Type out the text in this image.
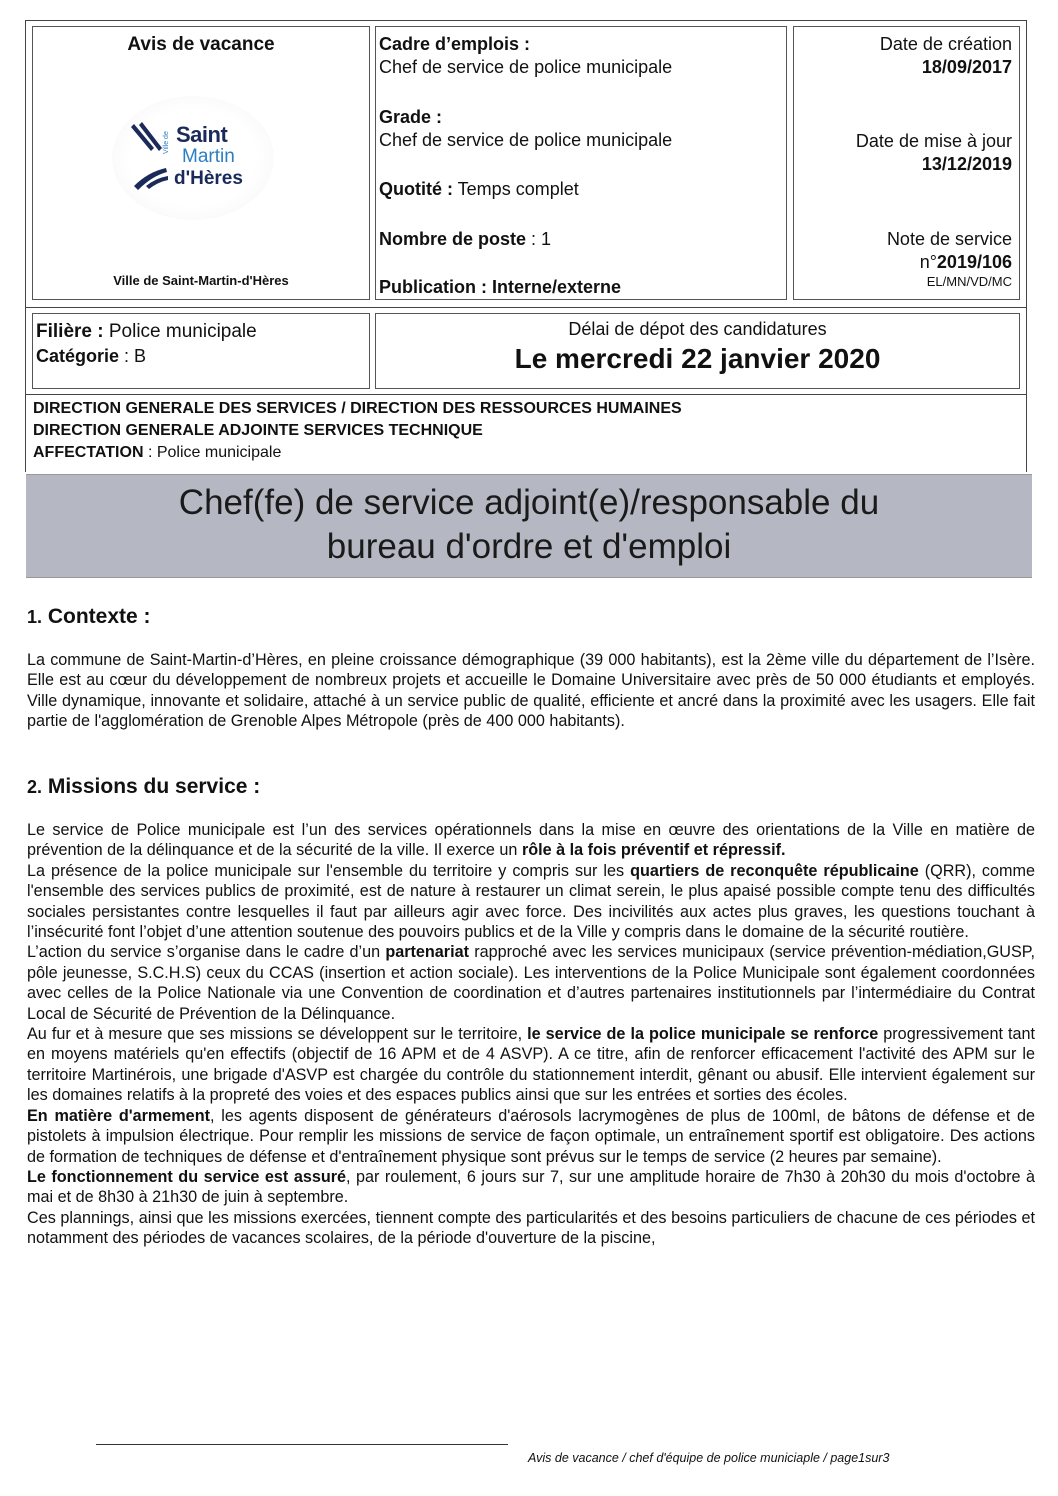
Avis de vacance
Ville de Saint
Martin
d'Hères
Ville de Saint-Martin-d'Hères
Cadre d’emplois :
Chef de service de police municipale
Grade :
Chef de service de police municipale
Quotité : Temps complet
Nombre de poste : 1
Publication : Interne/externe
Date de création
18/09/2017
Date de mise à jour
13/12/2019
Note de service
n°2019/106
EL/MN/VD/MC
Filière : Police municipale
Catégorie : B
Délai de dépot des candidatures
Le mercredi 22 janvier 2020
DIRECTION GENERALE DES SERVICES / DIRECTION DES RESSOURCES HUMAINES
DIRECTION GENERALE ADJOINTE SERVICES TECHNIQUE
AFFECTATION : Police municipale
Chef(fe) de service adjoint(e)/responsable du
bureau d'ordre et d'emploi
1. Contexte :

La commune de Saint-Martin-d’Hères, en pleine croissance démographique (39 000 habitants), est la 2ème ville du département de l’Isère. Elle est au cœur du développement de nombreux projets et accueille le Domaine Universitaire avec près de 50 000 étudiants et employés. Ville dynamique, innovante et solidaire, attaché à un service public de qualité, efficiente et ancré dans la proximité avec les usagers. Elle fait partie de l'agglomération de Grenoble Alpes Métropole (près de 400 000 habitants).

2. Missions du service :

Le service de Police municipale est l’un des services opérationnels dans la mise en œuvre des orientations de la Ville en matière de prévention de la délinquance et de la sécurité de la ville. Il exerce un rôle à la fois préventif et répressif.

La présence de la police municipale sur l'ensemble du territoire y compris sur les quartiers de reconquête républicaine (QRR), comme l'ensemble des services publics de proximité, est de nature à restaurer un climat serein, le plus apaisé possible compte tenu des difficultés sociales persistantes contre lesquelles il faut par ailleurs agir avec force. Des incivilités aux actes plus graves, les questions touchant à l’insécurité font l’objet d’une attention soutenue des pouvoirs publics et de la Ville y compris dans le domaine de la sécurité routière.

L’action du service s’organise dans le cadre d’un partenariat rapproché avec les services municipaux (service prévention-médiation,GUSP, pôle jeunesse, S.C.H.S) ceux du CCAS (insertion et action sociale). Les interventions de la Police Municipale sont également coordonnées avec celles de la Police Nationale via une Convention de coordination et d’autres partenaires institutionnels par l’intermédiaire du Contrat Local de Sécurité de Prévention de la Délinquance.

Au fur et à mesure que ses missions se développent sur le territoire, le service de la police municipale se renforce progressivement tant en moyens matériels qu'en effectifs (objectif de 16 APM et de 4 ASVP). A ce titre, afin de renforcer efficacement l'activité des APM sur le territoire Martinérois, une brigade d'ASVP est chargée du contrôle du stationnement interdit, gênant ou abusif. Elle intervient également sur les domaines relatifs à la propreté des voies et des espaces publics ainsi que sur les entrées et sorties des écoles.

En matière d'armement, les agents disposent de générateurs d'aérosols lacrymogènes de plus de 100ml, de bâtons de défense et de pistolets à impulsion électrique. Pour remplir les missions de service de façon optimale, un entraînement sportif est obligatoire. Des actions de formation de techniques de défense et d'entraînement physique sont prévus sur le temps de service (2 heures par semaine).

Le fonctionnement du service est assuré, par roulement, 6 jours sur 7, sur une amplitude horaire de 7h30 à 20h30 du mois d'octobre à mai et de 8h30 à 21h30 de juin à septembre.

Ces plannings, ainsi que les missions exercées, tiennent compte des particularités et des besoins particuliers de chacune de ces périodes et notamment des périodes de vacances scolaires, de la période d'ouverture de la piscine,

Avis de vacance / chef d'équipe de police municiaple / page1sur3
